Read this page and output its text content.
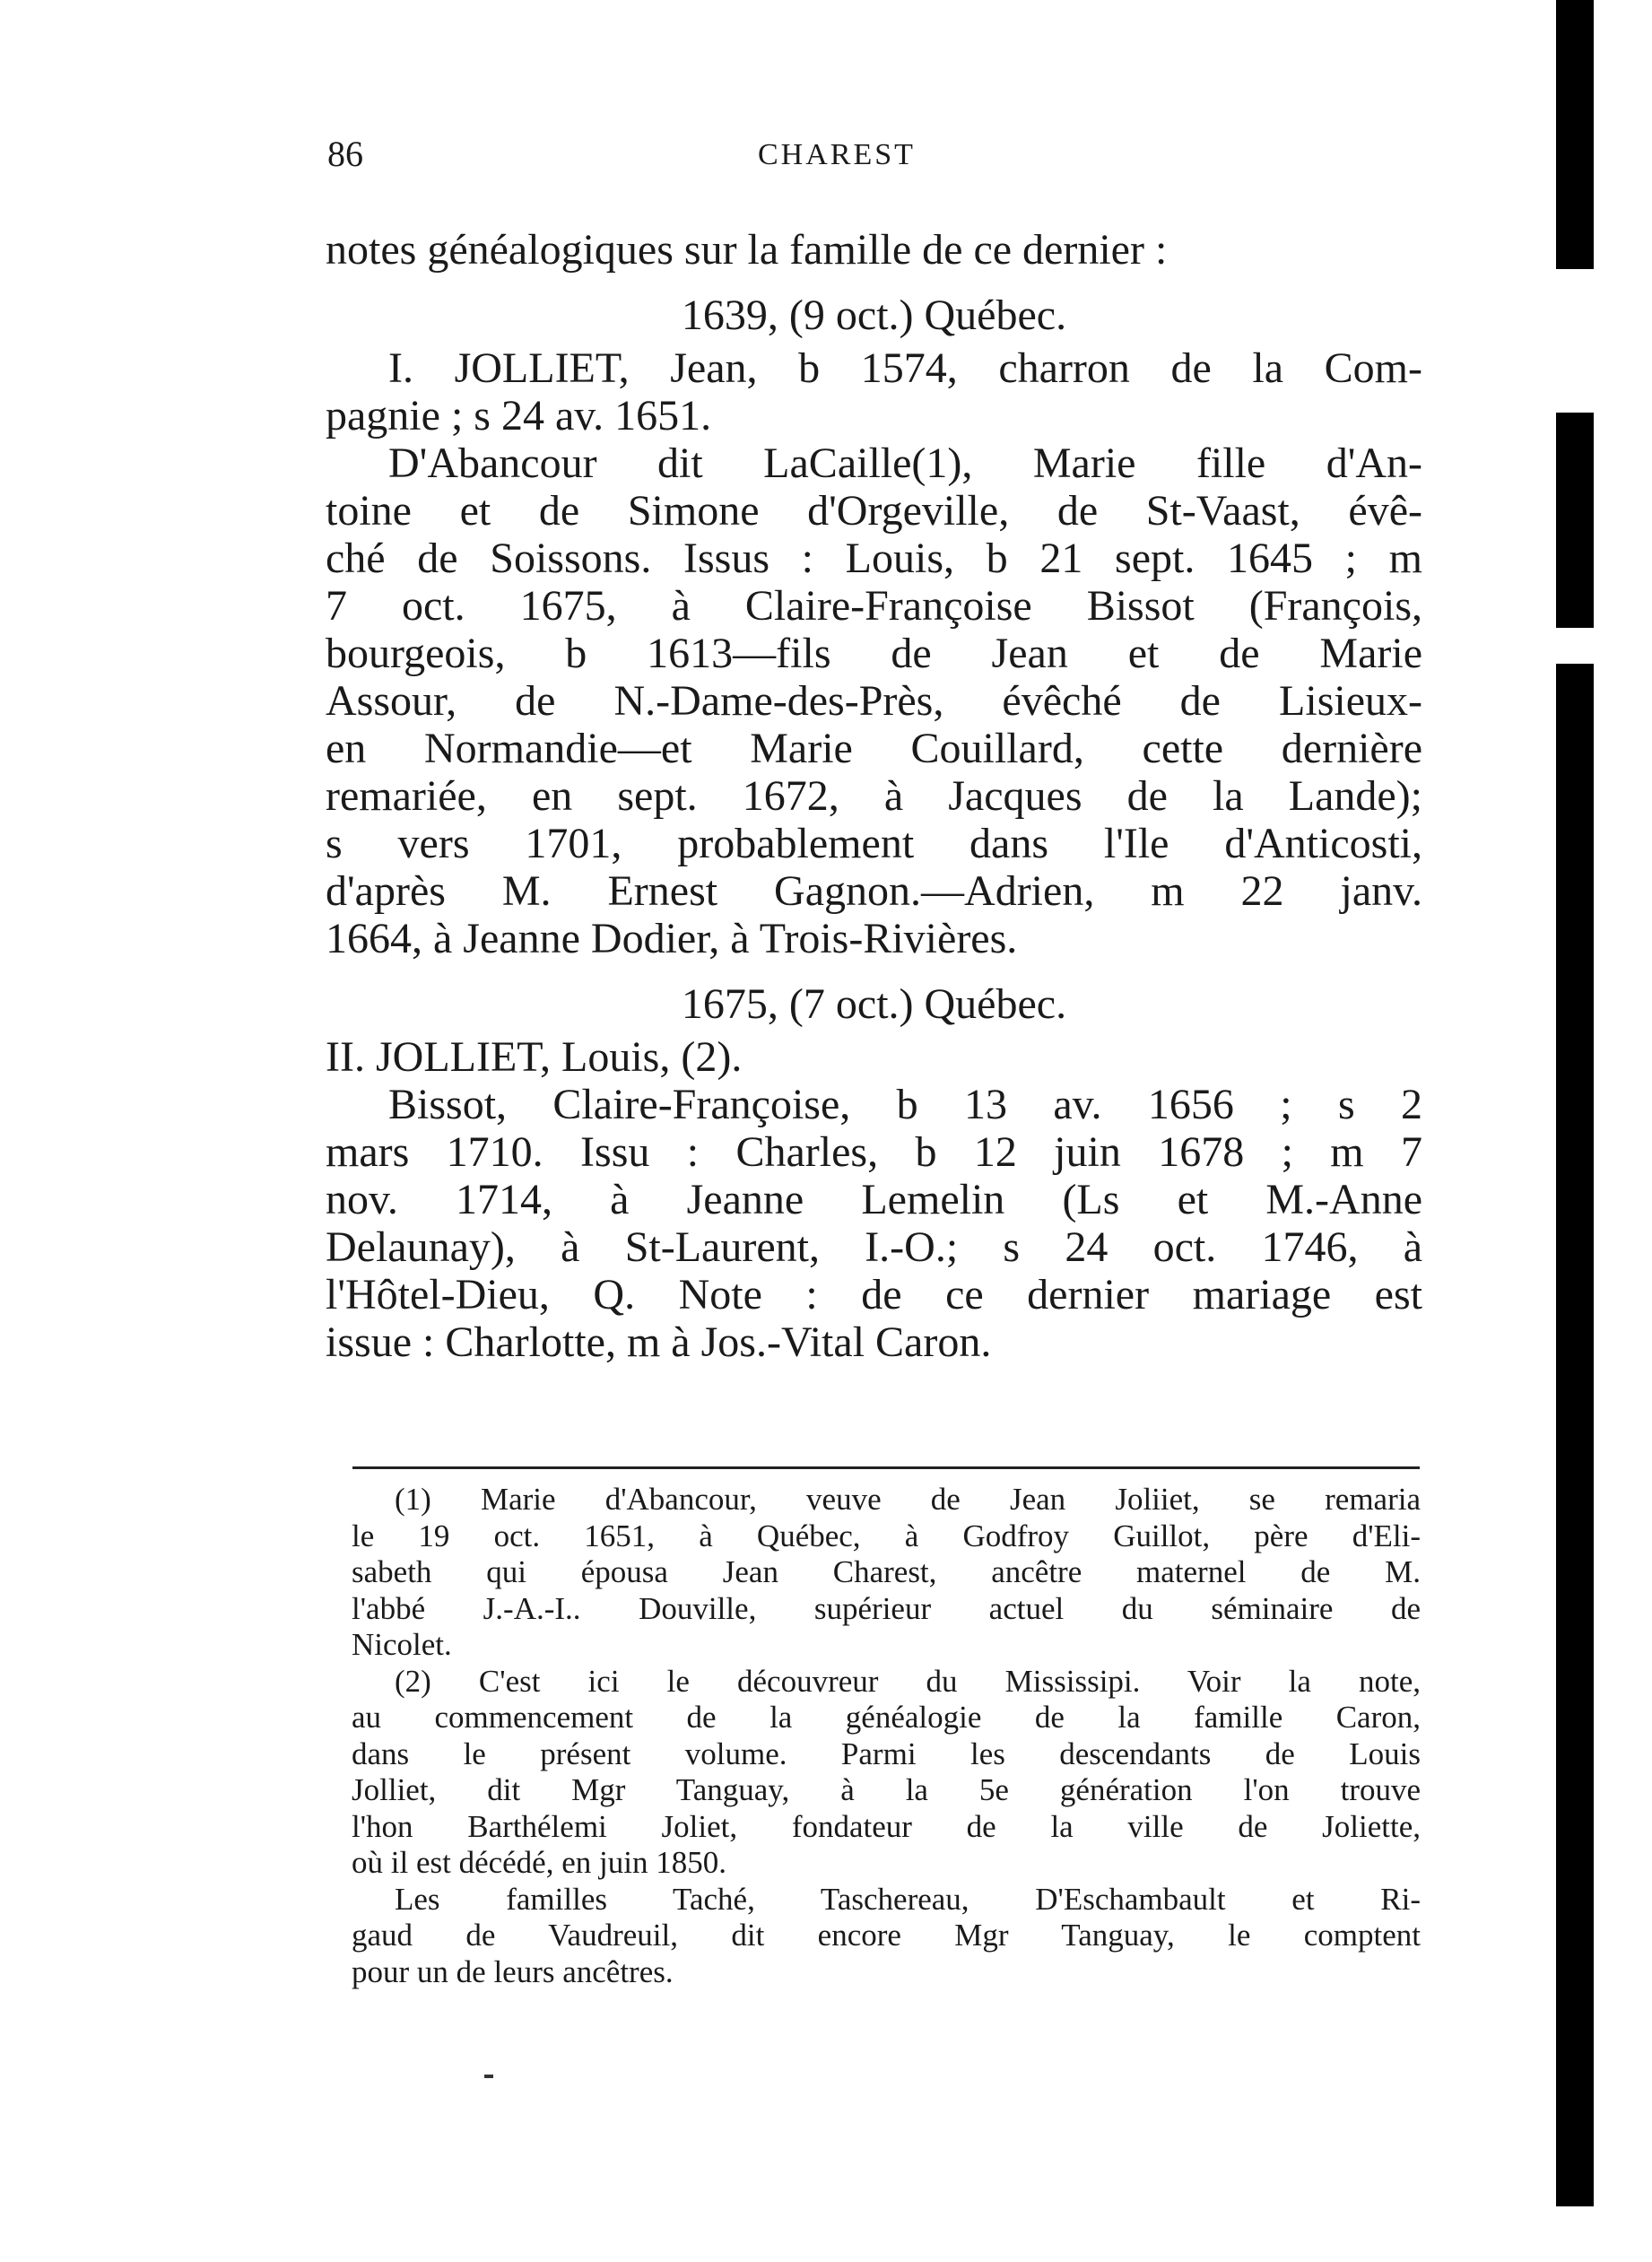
86	CHAREST
notes généalogiques sur la famille de ce dernier :
1639, (9 oct.) Québec.
I. JOLLIET, Jean, b 1574, charron de la Com-
pagnie ; s 24 av. 1651.
D'Abancour dit LaCaille(1), Marie fille d'An-
toine et de Simone d'Orgeville, de St-Vaast, évê-
ché de Soissons. Issus : Louis, b 21 sept. 1645 ; m
7 oct. 1675, à Claire-Françoise Bissot (François,
bourgeois, b 1613—fils de Jean et de Marie
Assour, de N.-Dame-des-Près, évêché de Lisieux-
en Normandie—et Marie Couillard, cette dernière
remariée, en sept. 1672, à Jacques de la Lande);
s vers 1701, probablement dans l'Ile d'Anticosti,
d'après M. Ernest Gagnon.—Adrien, m 22 janv.
1664, à Jeanne Dodier, à Trois-Rivières.
1675, (7 oct.) Québec.
II. JOLLIET, Louis, (2).
Bissot, Claire-Françoise, b 13 av. 1656 ; s 2
mars 1710. Issu : Charles, b 12 juin 1678 ; m 7
nov. 1714, à Jeanne Lemelin (Ls et M.-Anne
Delaunay), à St-Laurent, I.-O.; s 24 oct. 1746, à
l'Hôtel-Dieu, Q. Note : de ce dernier mariage est
issue : Charlotte, m à Jos.-Vital Caron.
(1) Marie d'Abancour, veuve de Jean Joliiet, se remaria
le 19 oct. 1651, à Québec, à Godfroy Guillot, père d'Eli-
sabeth qui épousa Jean Charest, ancêtre maternel de M.
l'abbé J.-A.-I.. Douville, supérieur actuel du séminaire de
Nicolet.
(2) C'est ici le découvreur du Mississipi. Voir la note,
au commencement de la généalogie de la famille Caron,
dans le présent volume. Parmi les descendants de Louis
Jolliet, dit Mgr Tanguay, à la 5e génération l'on trouve
l'hon Barthélemi Joliet, fondateur de la ville de Joliette,
où il est décédé, en juin 1850.
Les familles Taché, Taschereau, D'Eschambault et Ri-
gaud de Vaudreuil, dit encore Mgr Tanguay, le comptent
pour un de leurs ancêtres.
